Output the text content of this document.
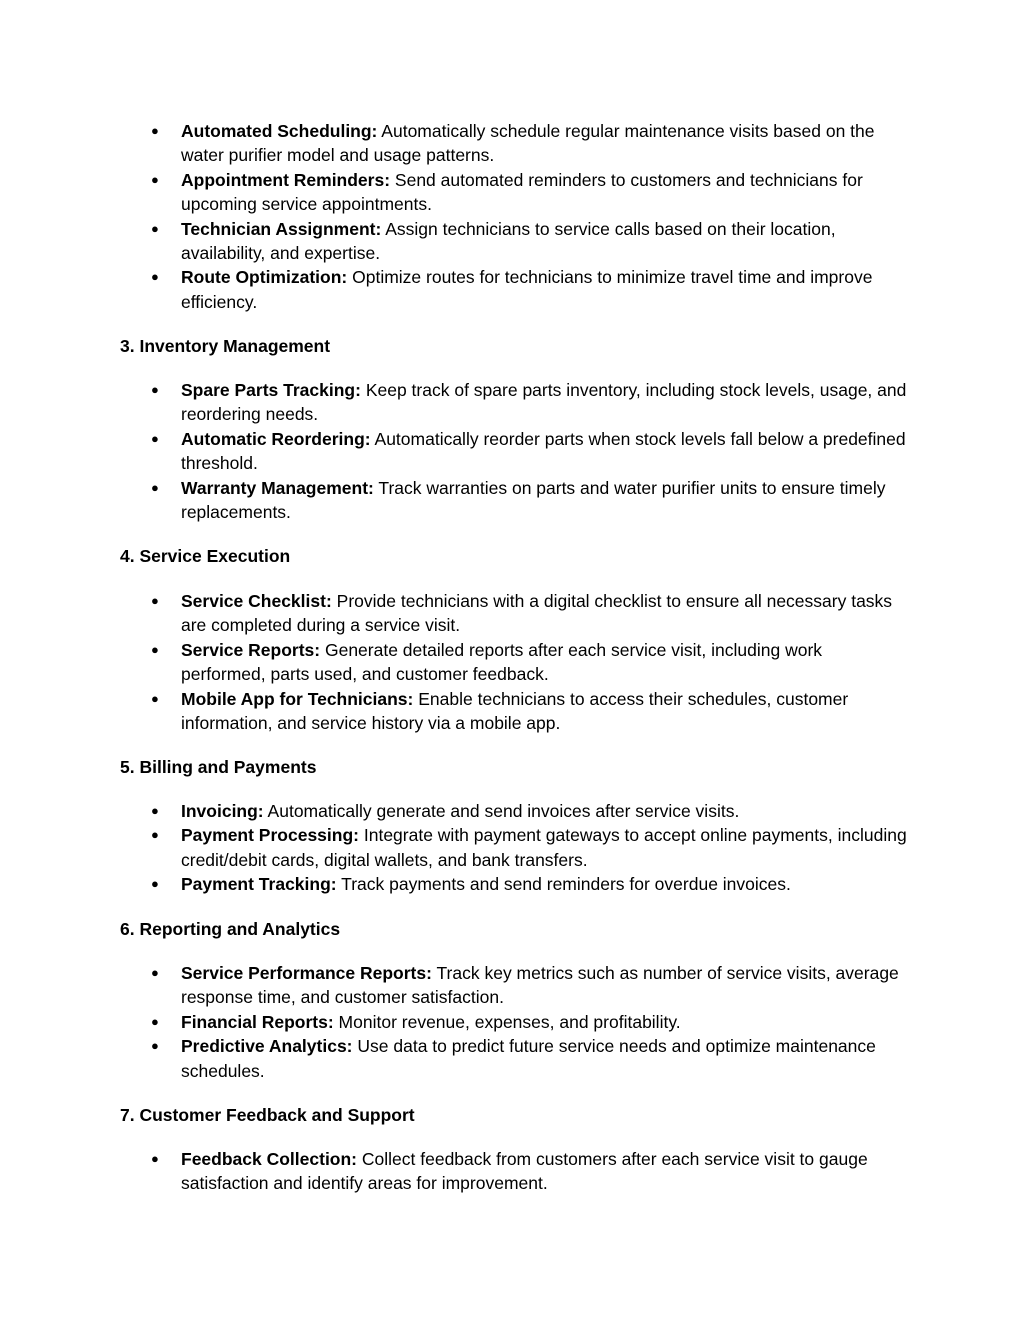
● Automated Scheduling: Automatically schedule regular maintenance visits based on the water purifier model and usage patterns.
● Appointment Reminders: Send automated reminders to customers and technicians for upcoming service appointments.
● Technician Assignment: Assign technicians to service calls based on their location, availability, and expertise.
● Route Optimization: Optimize routes for technicians to minimize travel time and improve efficiency.
3. Inventory Management
● Spare Parts Tracking: Keep track of spare parts inventory, including stock levels, usage, and reordering needs.
● Automatic Reordering: Automatically reorder parts when stock levels fall below a predefined threshold.
● Warranty Management: Track warranties on parts and water purifier units to ensure timely replacements.
4. Service Execution
● Service Checklist: Provide technicians with a digital checklist to ensure all necessary tasks are completed during a service visit.
● Service Reports: Generate detailed reports after each service visit, including work performed, parts used, and customer feedback.
● Mobile App for Technicians: Enable technicians to access their schedules, customer information, and service history via a mobile app.
5. Billing and Payments
● Invoicing: Automatically generate and send invoices after service visits.
● Payment Processing: Integrate with payment gateways to accept online payments, including credit/debit cards, digital wallets, and bank transfers.
● Payment Tracking: Track payments and send reminders for overdue invoices.
6. Reporting and Analytics
● Service Performance Reports: Track key metrics such as number of service visits, average response time, and customer satisfaction.
● Financial Reports: Monitor revenue, expenses, and profitability.
● Predictive Analytics: Use data to predict future service needs and optimize maintenance schedules.
7. Customer Feedback and Support
● Feedback Collection: Collect feedback from customers after each service visit to gauge satisfaction and identify areas for improvement.
